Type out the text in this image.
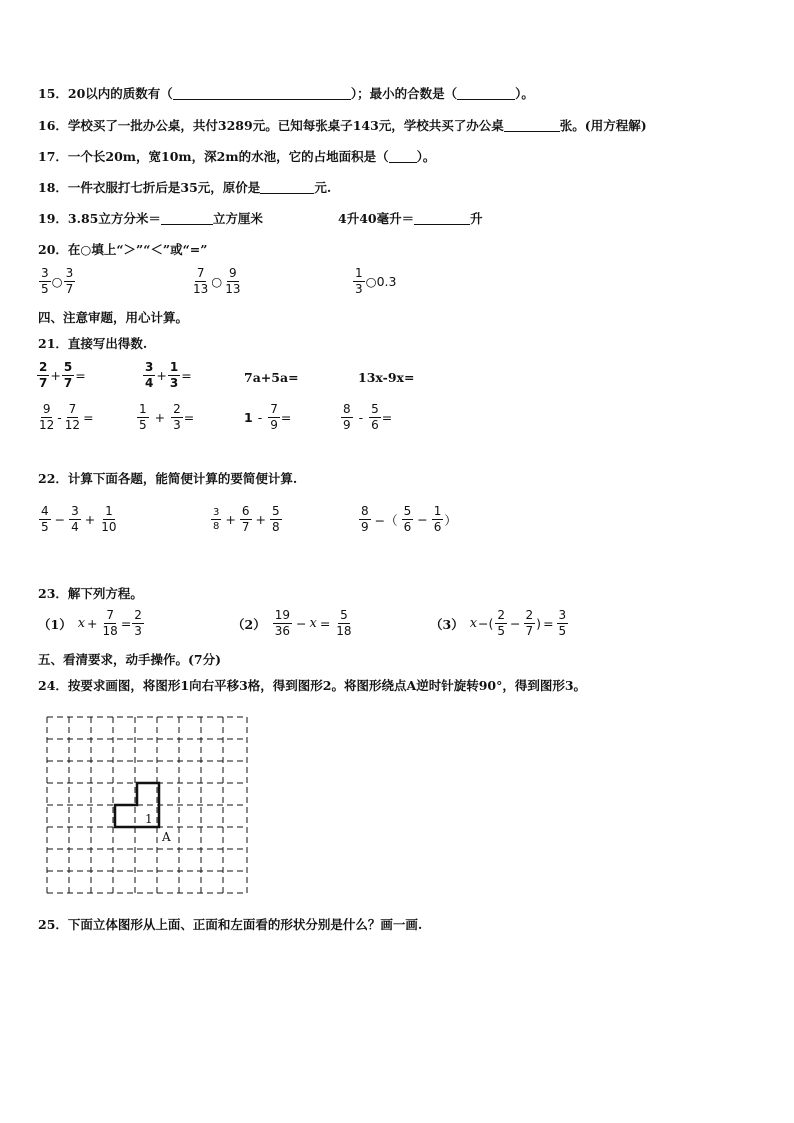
15．20以内的质数有（	）；最小的合数是（	）。
16．学校买了一批办公桌，共付3289元。已知每张桌子143元，学校共买了办公桌	张。(用方程解)
17．一个长20m，宽10m，深2m的水池，它的占地面积是（ ）。
18．一件衣服打七折后是35元，原价是	元.
19．3.85立方分米＝	立方厘米	4升40毫升＝	升
20．在○填上“＞”“＜”或“=”
$\frac{3}{5}$ ○ $\frac{3}{7}$	$\frac{7}{13}$ ○ $\frac{9}{13}$	$\frac{1}{3}$ ○ 0.3
四、注意审题，用心计算。
21．直接写出得数.
$\frac{2}{7} + \frac{5}{7}$ =	$\frac{3}{4} + \frac{1}{3}$ =	7a+5a=	13x-9x=
$\frac{9}{12} - \frac{7}{12}$ =	$\frac{1}{5} + \frac{2}{3}$ =	$1 - \frac{7}{9}$ =	$\frac{8}{9} - \frac{5}{6}$ =
22．计算下面各题，能简便计算的要简便计算.
$\frac{4}{5} - \frac{3}{4} + \frac{1}{10}$	$\frac{3}{8} + \frac{6}{7} + \frac{5}{8}$	$\frac{8}{9}$ −（ $\frac{5}{6} - \frac{1}{6}$ ）
23．解下列方程。
（1） $x + \frac{7}{18} = \frac{2}{3}$	$(2) \frac{19}{36} - x = \frac{5}{18}$	（3） x −( $\frac{2}{5} - \frac{2}{7}$ ) = $\frac{3}{5}$
五、看清要求，动手操作。(7分)
24．按要求画图，将图形1向右平移3格，得到图形2。将图形绕点A逆时针旋转90°，得到图形3。
1
A
25．下面立体图形从上面、正面和左面看的形状分别是什么？画一画.
